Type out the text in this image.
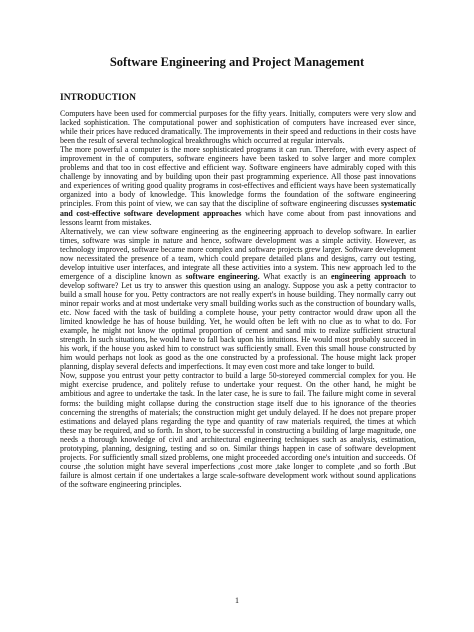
Software Engineering and Project Management
INTRODUCTION

Computers have been used for commercial purposes for the fifty years. Initially, computers were very slow and lacked sophistication. The computational power and sophistication of computers have increased ever since, while their prices have reduced dramatically. The improvements in their speed and reductions in their costs have been the result of several technological breakthroughs which occurred at regular intervals.

The more powerful a computer is the more sophisticated programs it can run. Therefore, with every aspect of improvement in the of computers, software engineers have been tasked to solve larger and more complex problems and that too in cost effective and efficient way. Software engineers have admirably coped with this challenge by innovating and by building upon their past programming experience. All those past innovations and experiences of writing good quality programs in cost-effectives and efficient ways have been systematically organized into a body of knowledge. This knowledge forms the foundation of the software engineering principles. From this point of view, we can say that the discipline of software engineering discusses systematic and cost-effective software development approaches which have come about from past innovations and lessons learnt from mistakes.

Alternatively, we can view software engineering as the engineering approach to develop software. In earlier times, software was simple in nature and hence, software development was a simple activity. However, as technology improved, software became more complex and software projects grew larger. Software development now necessitated the presence of a team, which could prepare detailed plans and designs, carry out testing, develop intuitive user interfaces, and integrate all these activities into a system. This new approach led to the emergence of a discipline known as software engineering. What exactly is an engineering approach to develop software? Let us try to answer this question using an analogy. Suppose you ask a petty contractor to build a small house for you. Petty contractors are not really expert's in house building. They normally carry out minor repair works and at most undertake very small building works such as the construction of boundary walls, etc. Now faced with the task of building a complete house, your petty contractor would draw upon all the limited knowledge he has of house building. Yet, he would often be left with no clue as to what to do. For example, he might not know the optimal proportion of cement and sand mix to realize sufficient structural strength. In such situations, he would have to fall back upon his intuitions. He would most probably succeed in his work, if the house you asked him to construct was sufficiently small. Even this small house constructed by him would perhaps not look as good as the one constructed by a professional. The house might lack proper planning, display several defects and imperfections. It may even cost more and take longer to build.

Now, suppose you entrust your petty contractor to build a large 50-storeyed commercial complex for you. He might exercise prudence, and politely refuse to undertake your request. On the other hand, he might be ambitious and agree to undertake the task. In the later case, he is sure to fail. The failure might come in several forms: the building might collapse during the construction stage itself due to his ignorance of the theories concerning the strengths of materials; the construction might get unduly delayed. If he does not prepare proper estimations and delayed plans regarding the type and quantity of raw materials required, the times at which these may be required, and so forth. In short, to be successful in constructing a building of large magnitude, one needs a thorough knowledge of civil and architectural engineering techniques such as analysis, estimation, prototyping, planning, designing, testing and so on. Similar things happen in case of software development projects. For sufficiently small sized problems, one might proceeded according one's intuition and succeeds. Of course ,the solution might have several imperfections ,cost more ,take longer to complete ,and so forth .But failure is almost certain if one undertakes a large scale-software development work without sound applications of the software engineering principles.

1
